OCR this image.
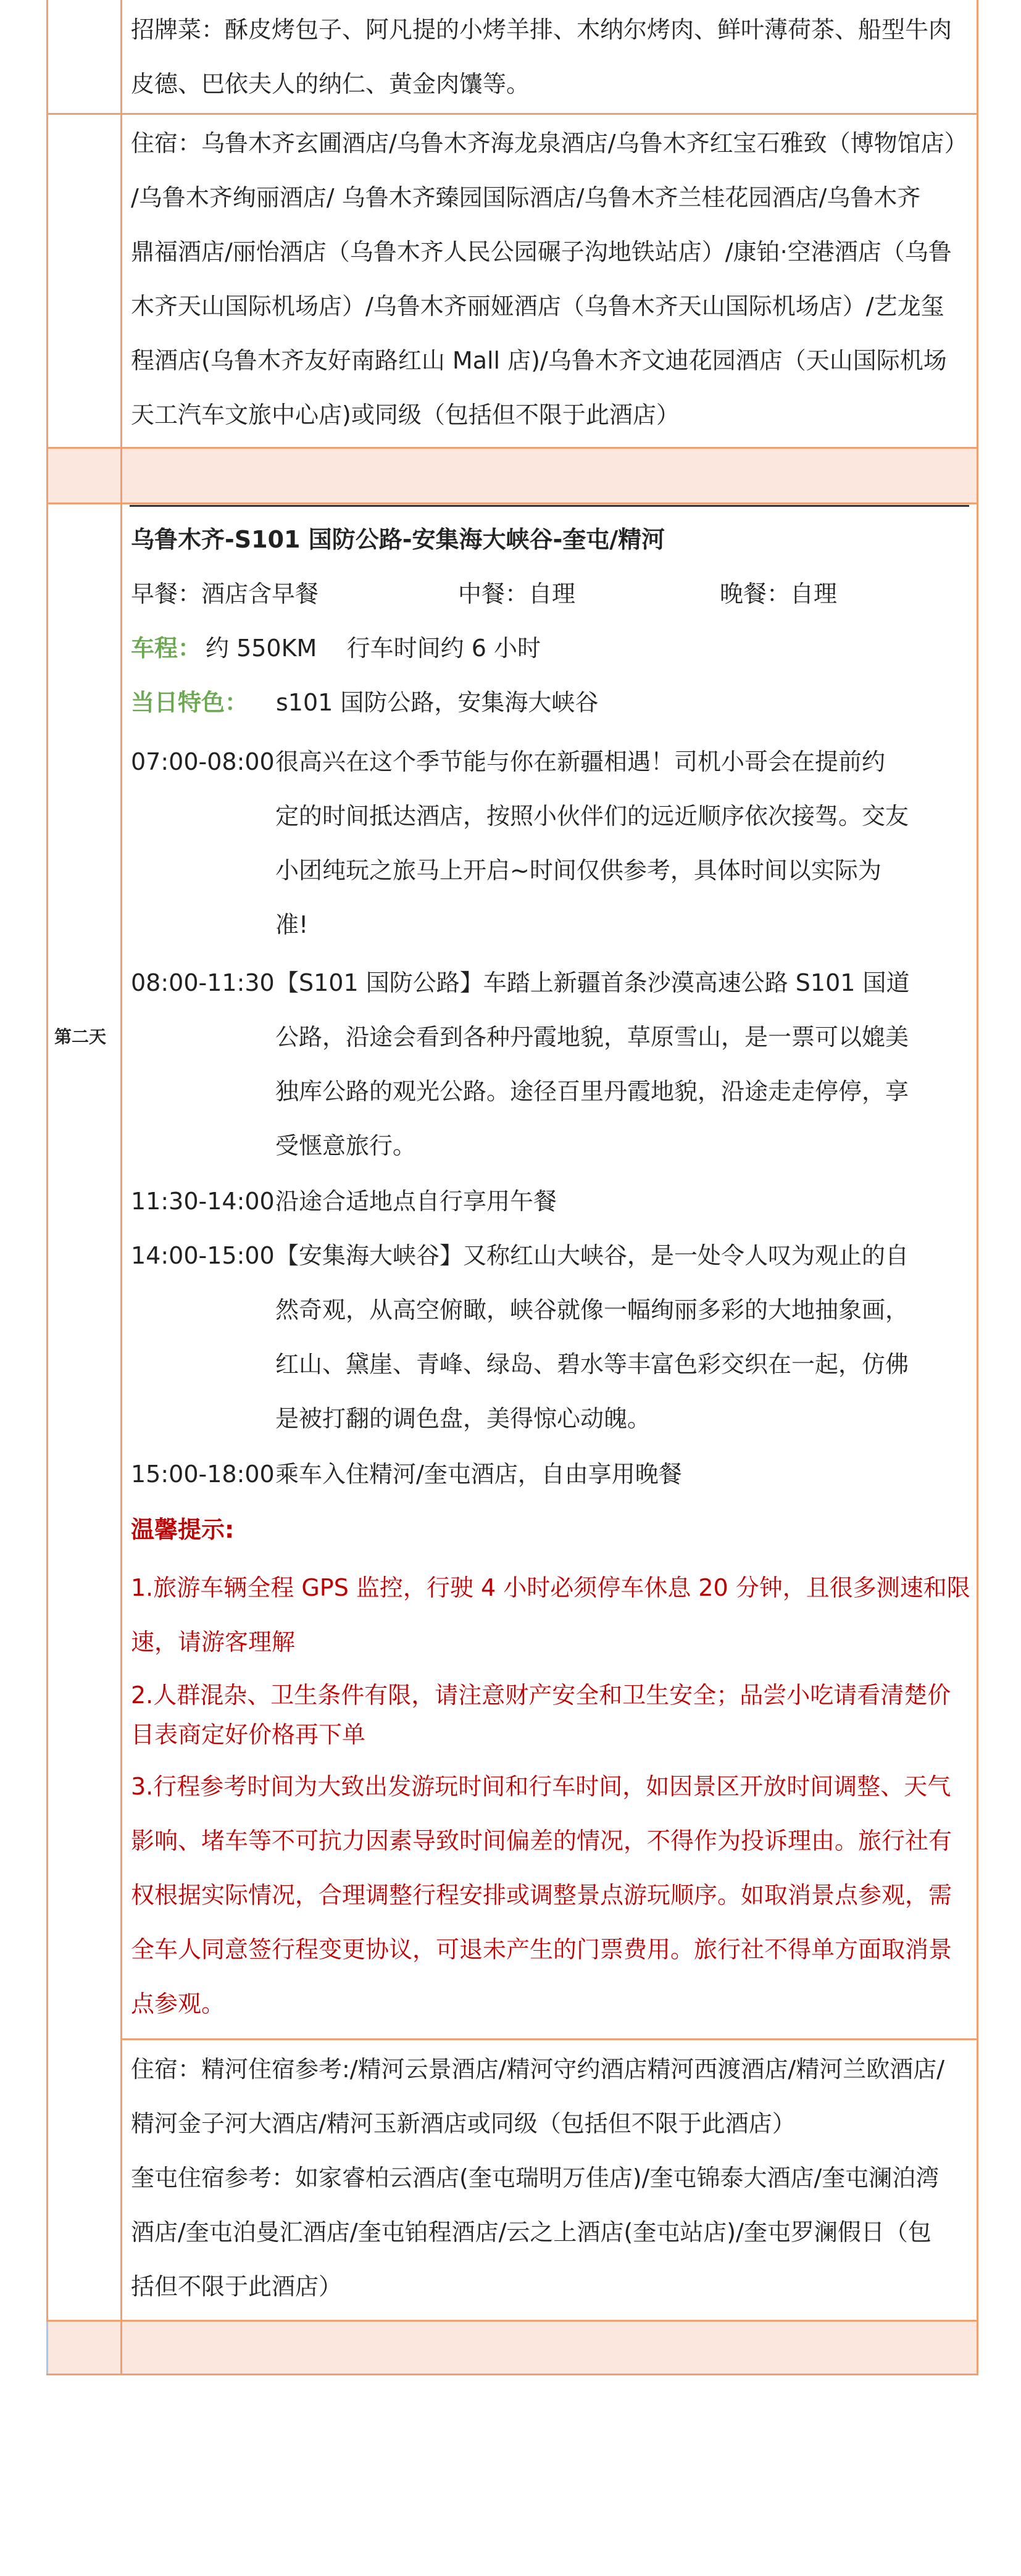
招牌菜：酥皮烤包子、阿凡提的小烤羊排、木纳尔烤肉、鲜叶薄荷茶、船型牛肉
皮德、巴依夫人的纳仁、黄金肉馕等。
住宿：乌鲁木齐玄圃酒店/乌鲁木齐海龙泉酒店/乌鲁木齐红宝石雅致（博物馆店）
/乌鲁木齐绚丽酒店/ 乌鲁木齐臻园国际酒店/乌鲁木齐兰桂花园酒店/乌鲁木齐
鼎福酒店/丽怡酒店（乌鲁木齐人民公园碾子沟地铁站店）/康铂·空港酒店（乌鲁
木齐天山国际机场店）/乌鲁木齐丽娅酒店（乌鲁木齐天山国际机场店）/艺龙玺
程酒店(乌鲁木齐友好南路红山 Mall 店)/乌鲁木齐文迪花园酒店（天山国际机场
天工汽车文旅中心店)或同级（包括但不限于此酒店）
第二天
乌鲁木齐-S101 国防公路-安集海大峡谷-奎屯/精河
早餐：酒店含早餐	中餐：自理	晚餐：自理
车程： 约 550KM    行车时间约 6 小时
当日特色： s101 国防公路，安集海大峡谷
07:00-08:00 很高兴在这个季节能与你在新疆相遇！司机小哥会在提前约
定的时间抵达酒店，按照小伙伴们的远近顺序依次接驾。交友
小团纯玩之旅马上开启~时间仅供参考，具体时间以实际为
准!
08:00-11:30 【S101 国防公路】车踏上新疆首条沙漠高速公路 S101 国道
公路，沿途会看到各种丹霞地貌，草原雪山，是一票可以媲美
独库公路的观光公路。途径百里丹霞地貌，沿途走走停停，享
受惬意旅行。
11:30-14:00 沿途合适地点自行享用午餐
14:00-15:00 【安集海大峡谷】又称红山大峡谷，是一处令人叹为观止的自
然奇观，从高空俯瞰，峡谷就像一幅绚丽多彩的大地抽象画，
红山、黛崖、青峰、绿岛、碧水等丰富色彩交织在一起，仿佛
是被打翻的调色盘，美得惊心动魄。
15:00-18:00 乘车入住精河/奎屯酒店，自由享用晚餐
温馨提示:
1.旅游车辆全程 GPS 监控，行驶 4 小时必须停车休息 20 分钟，且很多测速和限
速，请游客理解
2.人群混杂、卫生条件有限，请注意财产安全和卫生安全；品尝小吃请看清楚价
目表商定好价格再下单
3.行程参考时间为大致出发游玩时间和行车时间，如因景区开放时间调整、天气
影响、堵车等不可抗力因素导致时间偏差的情况，不得作为投诉理由。旅行社有
权根据实际情况，合理调整行程安排或调整景点游玩顺序。如取消景点参观，需
全车人同意签行程变更协议，可退未产生的门票费用。旅行社不得单方面取消景
点参观。
住宿：精河住宿参考:/精河云景酒店/精河守约酒店精河西渡酒店/精河兰欧酒店/
精河金子河大酒店/精河玉新酒店或同级（包括但不限于此酒店）
奎屯住宿参考：如家睿柏云酒店(奎屯瑞明万佳店)/奎屯锦泰大酒店/奎屯澜泊湾
酒店/奎屯泊曼汇酒店/奎屯铂程酒店/云之上酒店(奎屯站店)/奎屯罗澜假日（包
括但不限于此酒店）
